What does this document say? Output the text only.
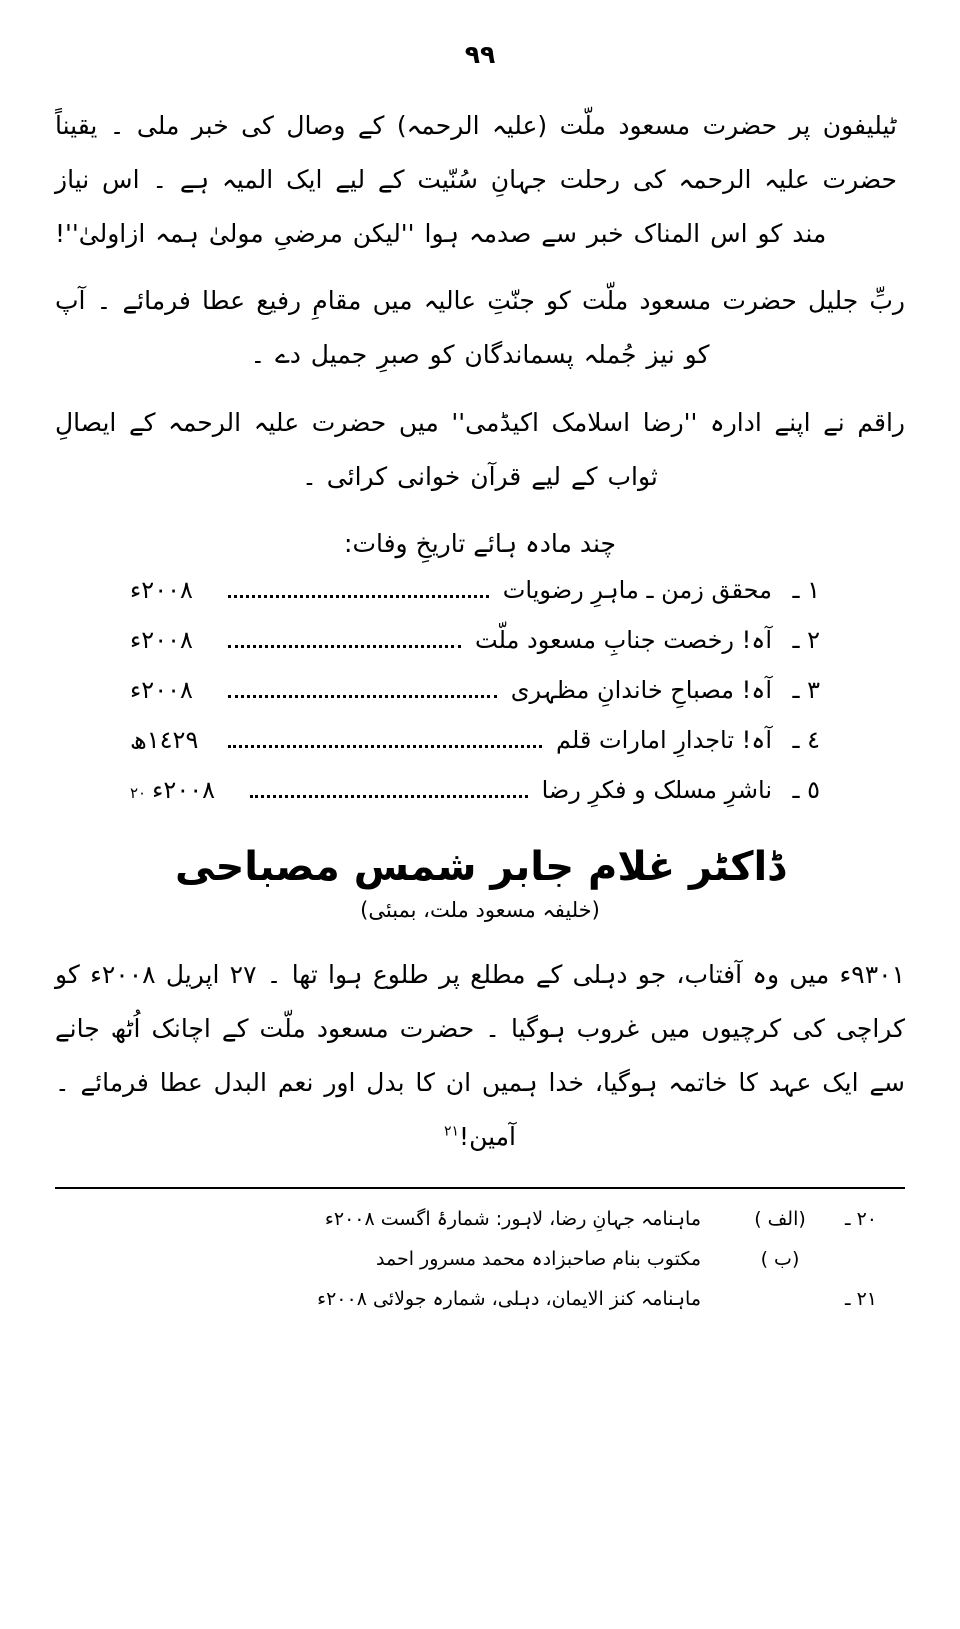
٩٩

ٹیلیفون پر حضرت مسعود ملّت (علیہ الرحمہ) کے وصال کی خبر ملی ۔ یقیناً حضرت علیہ الرحمہ کی رحلت جہانِ سُنّیت کے لیے ایک المیہ ہے ۔ اس نیاز مند کو اس المناک خبر سے صدمہ ہوا ''لیکن مرضیِ مولیٰ ہمہ ازاولیٰ''!

ربِّ جلیل حضرت مسعود ملّت کو جنّتِ عالیہ میں مقامِ رفیع عطا فرمائے ۔ آپ کو نیز جُملہ پسماندگان کو صبرِ جمیل دے ۔

راقم نے اپنے ادارہ ''رضا اسلامک اکیڈمی'' میں حضرت علیہ الرحمہ کے ایصالِ ثواب کے لیے قرآن خوانی کرائی ۔

چند مادہ ہائے تاریخِ وفات:
١ ـ
محقق زمن ـ ماہرِ رضویات
٢٠٠٨ء
٢ ـ
آہ! رخصت جنابِ مسعود ملّت
٢٠٠٨ء
٣ ـ
آہ! مصباحِ خاندانِ مظہری
٢٠٠٨ء
٤ ـ
آہ! تاجدارِ امارات قلم
١٤٢٩ھ
٥ ـ
ناشرِ مسلک و فکرِ رضا
٢٠٠٨ء
٢٠
ڈاکٹر غلام جابر شمس مصباحی
(خلیفہ مسعود ملت، بمبئی)

٩٣٠١ء میں وہ آفتاب، جو دہلی کے مطلع پر طلوع ہوا تھا ۔ ٢٧ اپریل ٢٠٠٨ء کو کراچی کی کرچیوں میں غروب ہوگیا ۔ حضرت مسعود ملّت کے اچانک اُٹھ جانے سے ایک عہد کا خاتمہ ہوگیا، خدا ہمیں ان کا بدل اور نعم البدل عطا فرمائے ۔ آمین!$^{٢١}$

٢٠ ـ
(الف )
ماہنامہ جہانِ رضا، لاہور: شمارۂ اگست ٢٠٠٨ء
(ب )
مکتوب بنام صاحبزادہ محمد مسرور احمد
٢١ ـ
ماہنامہ کنز الایمان، دہلی، شمارہ جولائی ٢٠٠٨ء
